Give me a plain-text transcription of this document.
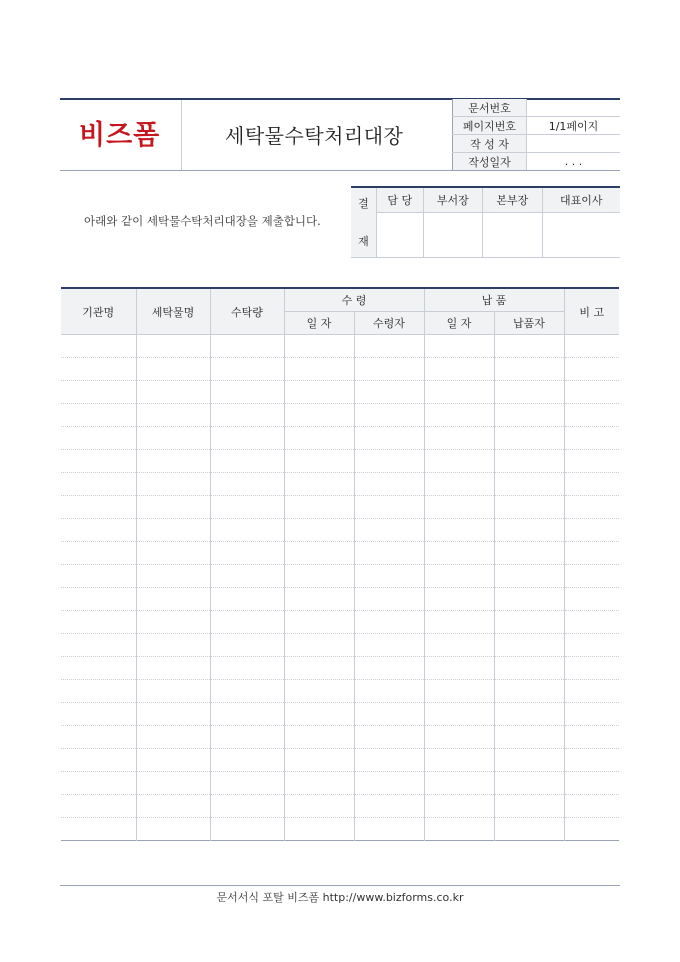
비즈폼	세탁물수탁처리대장
문서번호	
페이지번호	1/1페이지
작 성 자	
작성일자	. . .
아래와 같이 세탁물수탁처리대장을 제출합니다.
결
재	담 당	부서장	본부장	대표이사

기관명	세탁물명	수탁량	수 령		납 품		비 고
			일 자	수령자	일 자	납품자	

문서서식 포탈 비즈폼 http://www.bizforms.co.kr
